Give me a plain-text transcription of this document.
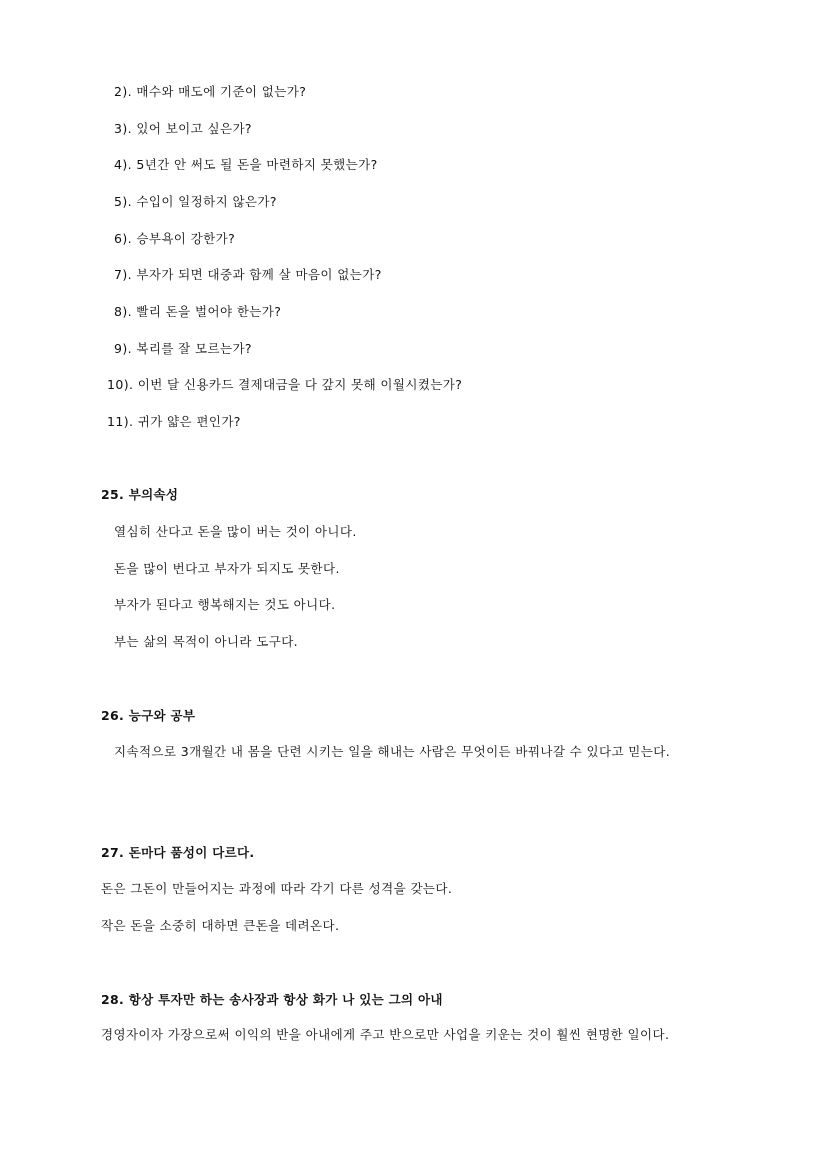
2). 매수와 매도에 기준이 없는가?
3). 있어 보이고 싶은가?
4). 5년간 안 써도 될 돈을 마련하지 못했는가?
5). 수입이 일정하지 않은가?
6). 승부욕이 강한가?
7). 부자가 되면 대중과 함께 살 마음이 없는가?
8). 빨리 돈을 벌어야 한는가?
9). 복리를 잘 모르는가?
10). 이번 달 신용카드 결제대금을 다 갚지 못해 이월시켰는가?
11). 귀가 얇은 편인가?
25. 부의속성
열심히 산다고 돈을 많이 버는 것이 아니다.
돈을 많이 번다고 부자가 되지도 못한다.
부자가 된다고 행복해지는 것도 아니다.
부는 삶의 목적이 아니라 도구다.
26. 능구와 공부
지속적으로 3개월간 내 몸을 단련 시키는 일을 해내는 사람은 무엇이든 바꿔나갈 수 있다고 믿는다.
27. 돈마다 품성이 다르다.
돈은 그돈이 만들어지는 과정에 따라 각기 다른 성격을 갖는다.
작은 돈을 소중히 대하면 큰돈을 데려온다.
28. 항상 투자만 하는 송사장과 항상 화가 나 있는 그의 아내
경영자이자 가장으로써 이익의 반을 아내에게 주고 반으로만 사업을 키운는 것이 훨씬 현명한 일이다.
